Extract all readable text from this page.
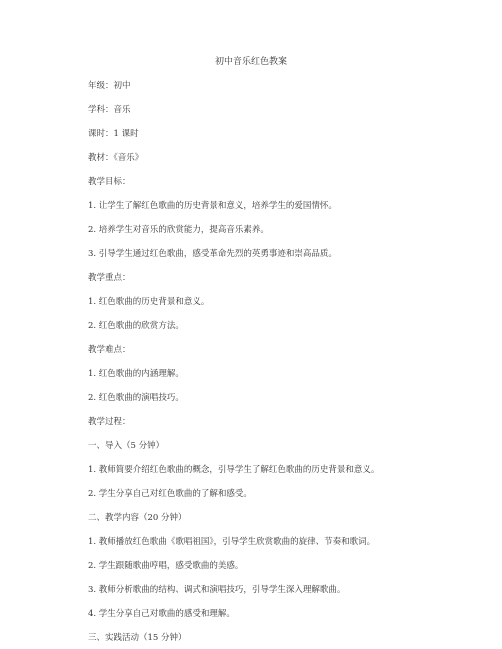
初中音乐红色教案
年级：初中
学科：音乐
课时：1 课时
教材：《音乐》
教学目标：
1. 让学生了解红色歌曲的历史背景和意义，培养学生的爱国情怀。
2. 培养学生对音乐的欣赏能力，提高音乐素养。
3. 引导学生通过红色歌曲，感受革命先烈的英勇事迹和崇高品质。
教学重点：
1. 红色歌曲的历史背景和意义。
2. 红色歌曲的欣赏方法。
教学难点：
1. 红色歌曲的内涵理解。
2. 红色歌曲的演唱技巧。
教学过程：
一、导入（5 分钟）
1. 教师简要介绍红色歌曲的概念，引导学生了解红色歌曲的历史背景和意义。
2. 学生分享自己对红色歌曲的了解和感受。
二、教学内容（20 分钟）
1. 教师播放红色歌曲《歌唱祖国》，引导学生欣赏歌曲的旋律、节奏和歌词。
2. 学生跟随歌曲哼唱，感受歌曲的美感。
3. 教师分析歌曲的结构、调式和演唱技巧，引导学生深入理解歌曲。
4. 学生分享自己对歌曲的感受和理解。
三、实践活动（15 分钟）
